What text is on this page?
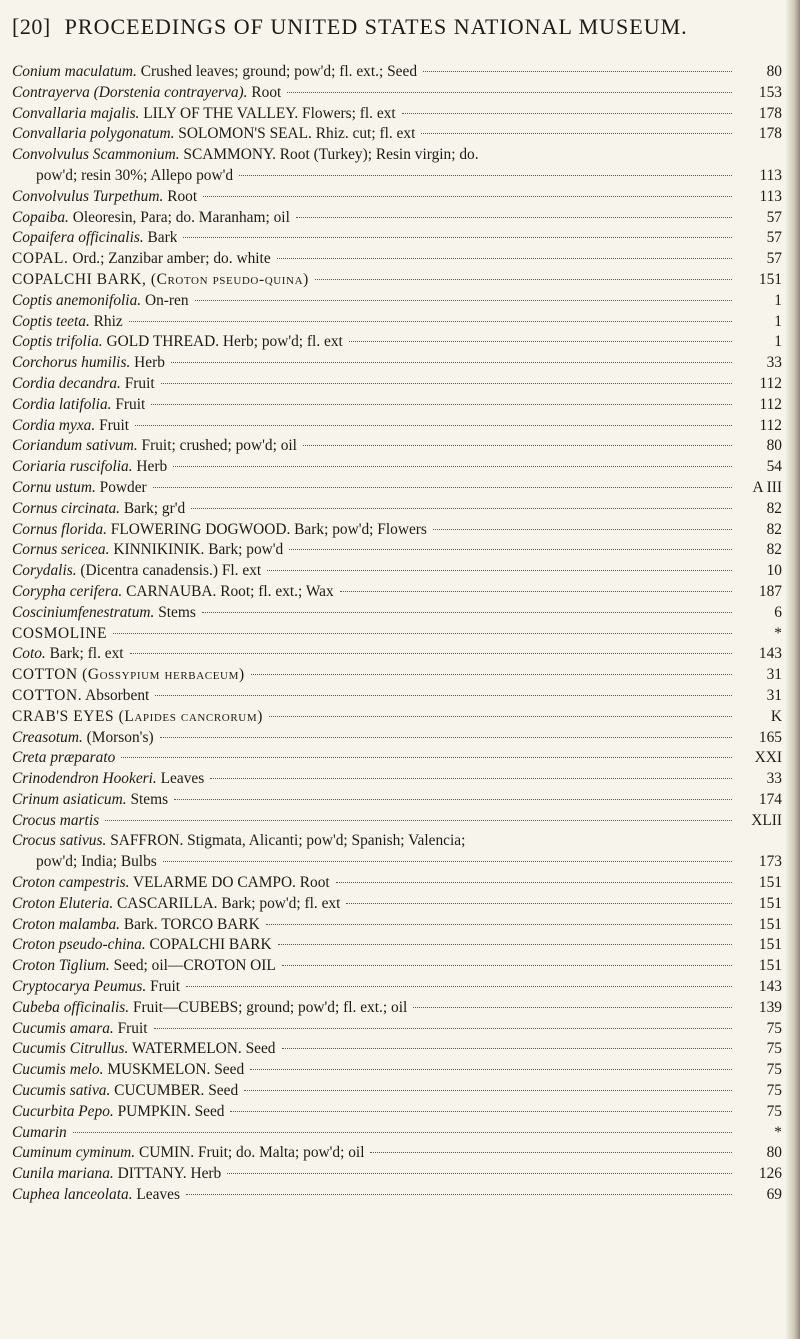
[20] PROCEEDINGS OF UNITED STATES NATIONAL MUSEUM.
Conium maculatum. Crushed leaves; ground; pow'd; fl. ext.; Seed	80
Contrayerva (Dorstenia contrayerva). Root	153
Convallaria majalis. LILY OF THE VALLEY. Flowers; fl. ext	178
Convallaria polygonatum. SOLOMON'S SEAL. Rhiz. cut; fl. ext	178
Convolvulus Scammonium. SCAMMONY. Root (Turkey); Resin virgin; do.
pow'd; resin 30%; Allepo pow'd	113
Convolvulus Turpethum. Root	113
Copaiba. Oleoresin, Para; do. Maranham; oil	57
Copaifera officinalis. Bark	57
COPAL. Ord.; Zanzibar amber; do. white	57
COPALCHI BARK, (Croton pseudo-quina)	151
Coptis anemonifolia. On-ren	1
Coptis teeta. Rhiz	1
Coptis trifolia. GOLD THREAD. Herb; pow'd; fl. ext	1
Corchorus humilis. Herb	33
Cordia decandra. Fruit	112
Cordia latifolia. Fruit	112
Cordia myxa. Fruit	112
Coriandum sativum. Fruit; crushed; pow'd; oil	80
Coriaria ruscifolia. Herb	54
Cornu ustum. Powder	A III
Cornus circinata. Bark; gr'd	82
Cornus florida. FLOWERING DOGWOOD. Bark; pow'd; Flowers	82
Cornus sericea. KINNIKINIK. Bark; pow'd	82
Corydalis. (Dicentra canadensis.) Fl. ext	10
Corypha cerifera. CARNAUBA. Root; fl. ext.; Wax	187
Cosciniumfenestratum. Stems	6
COSMOLINE	*
Coto. Bark; fl. ext	143
COTTON (Gossypium herbaceum)	31
COTTON. Absorbent	31
CRAB'S EYES (Lapides cancrorum)	K
Creasotum. (Morson's)	165
Creta præparato	XXI
Crinodendron Hookeri. Leaves	33
Crinum asiaticum. Stems	174
Crocus martis	XLII
Crocus sativus. SAFFRON. Stigmata, Alicanti; pow'd; Spanish; Valencia;
pow'd; India; Bulbs	173
Croton campestris. VELARME DO CAMPO. Root	151
Croton Eluteria. CASCARILLA. Bark; pow'd; fl. ext	151
Croton malamba. Bark. TORCO BARK	151
Croton pseudo-china. COPALCHI BARK	151
Croton Tiglium. Seed; oil—CROTON OIL	151
Cryptocarya Peumus. Fruit	143
Cubeba officinalis. Fruit—CUBEBS; ground; pow'd; fl. ext.; oil	139
Cucumis amara. Fruit	75
Cucumis Citrullus. WATERMELON. Seed	75
Cucumis melo. MUSKMELON. Seed	75
Cucumis sativa. CUCUMBER. Seed	75
Cucurbita Pepo. PUMPKIN. Seed	75
Cumarin	*
Cuminum cyminum. CUMIN. Fruit; do. Malta; pow'd; oil	80
Cunila mariana. DITTANY. Herb	126
Cuphea lanceolata. Leaves	69
